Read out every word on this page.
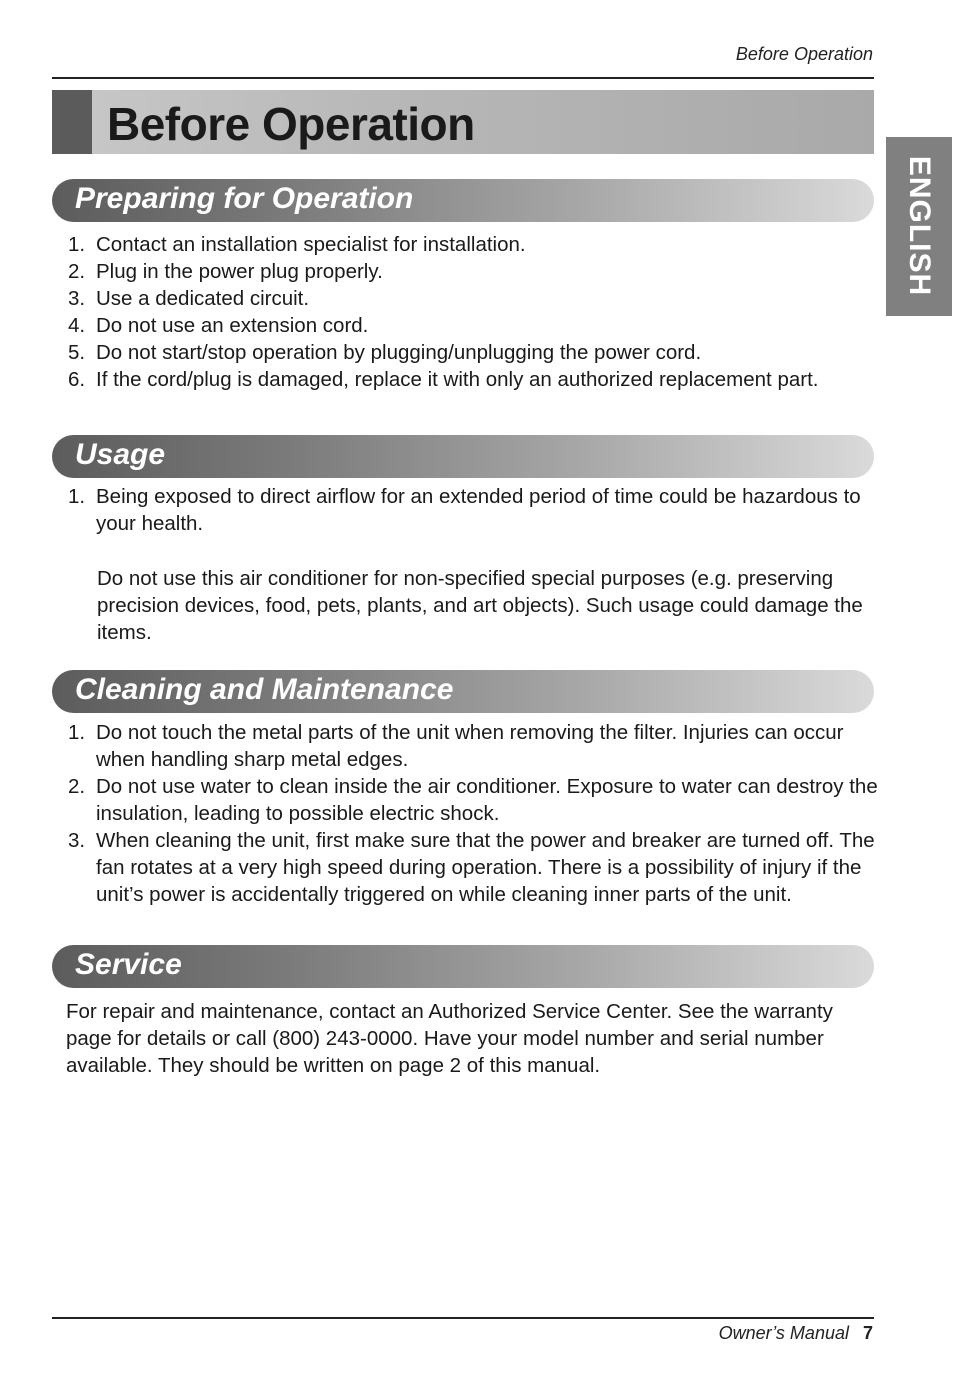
Before Operation
Before Operation
ENGLISH
Preparing for Operation
1. Contact an installation specialist for installation.
2. Plug in the power plug properly.
3. Use a dedicated circuit.
4. Do not use an extension cord.
5. Do not start/stop operation by plugging/unplugging the power cord.
6. If the cord/plug is damaged, replace it with only an authorized replacement part.
Usage
1. Being exposed to direct airflow for an extended period of time could be hazardous to your health.

Do not use this air conditioner for non-specified special purposes (e.g. preserving precision devices, food, pets, plants, and art objects). Such usage could damage the items.

Cleaning and Maintenance
1. Do not touch the metal parts of the unit when removing the filter. Injuries can occur when handling sharp metal edges.
2. Do not use water to clean inside the air conditioner. Exposure to water can destroy the insulation, leading to possible electric shock.
3. When cleaning the unit, first make sure that the power and breaker are turned off. The fan rotates at a very high speed during operation. There is a possibility of injury if the unit’s power is accidentally triggered on while cleaning inner parts of the unit.
Service

For repair and maintenance, contact an Authorized Service Center. See the warranty page for details or call (800) 243-0000. Have your model number and serial number available. They should be written on page 2 of this manual.

Owner’s Manual 7
